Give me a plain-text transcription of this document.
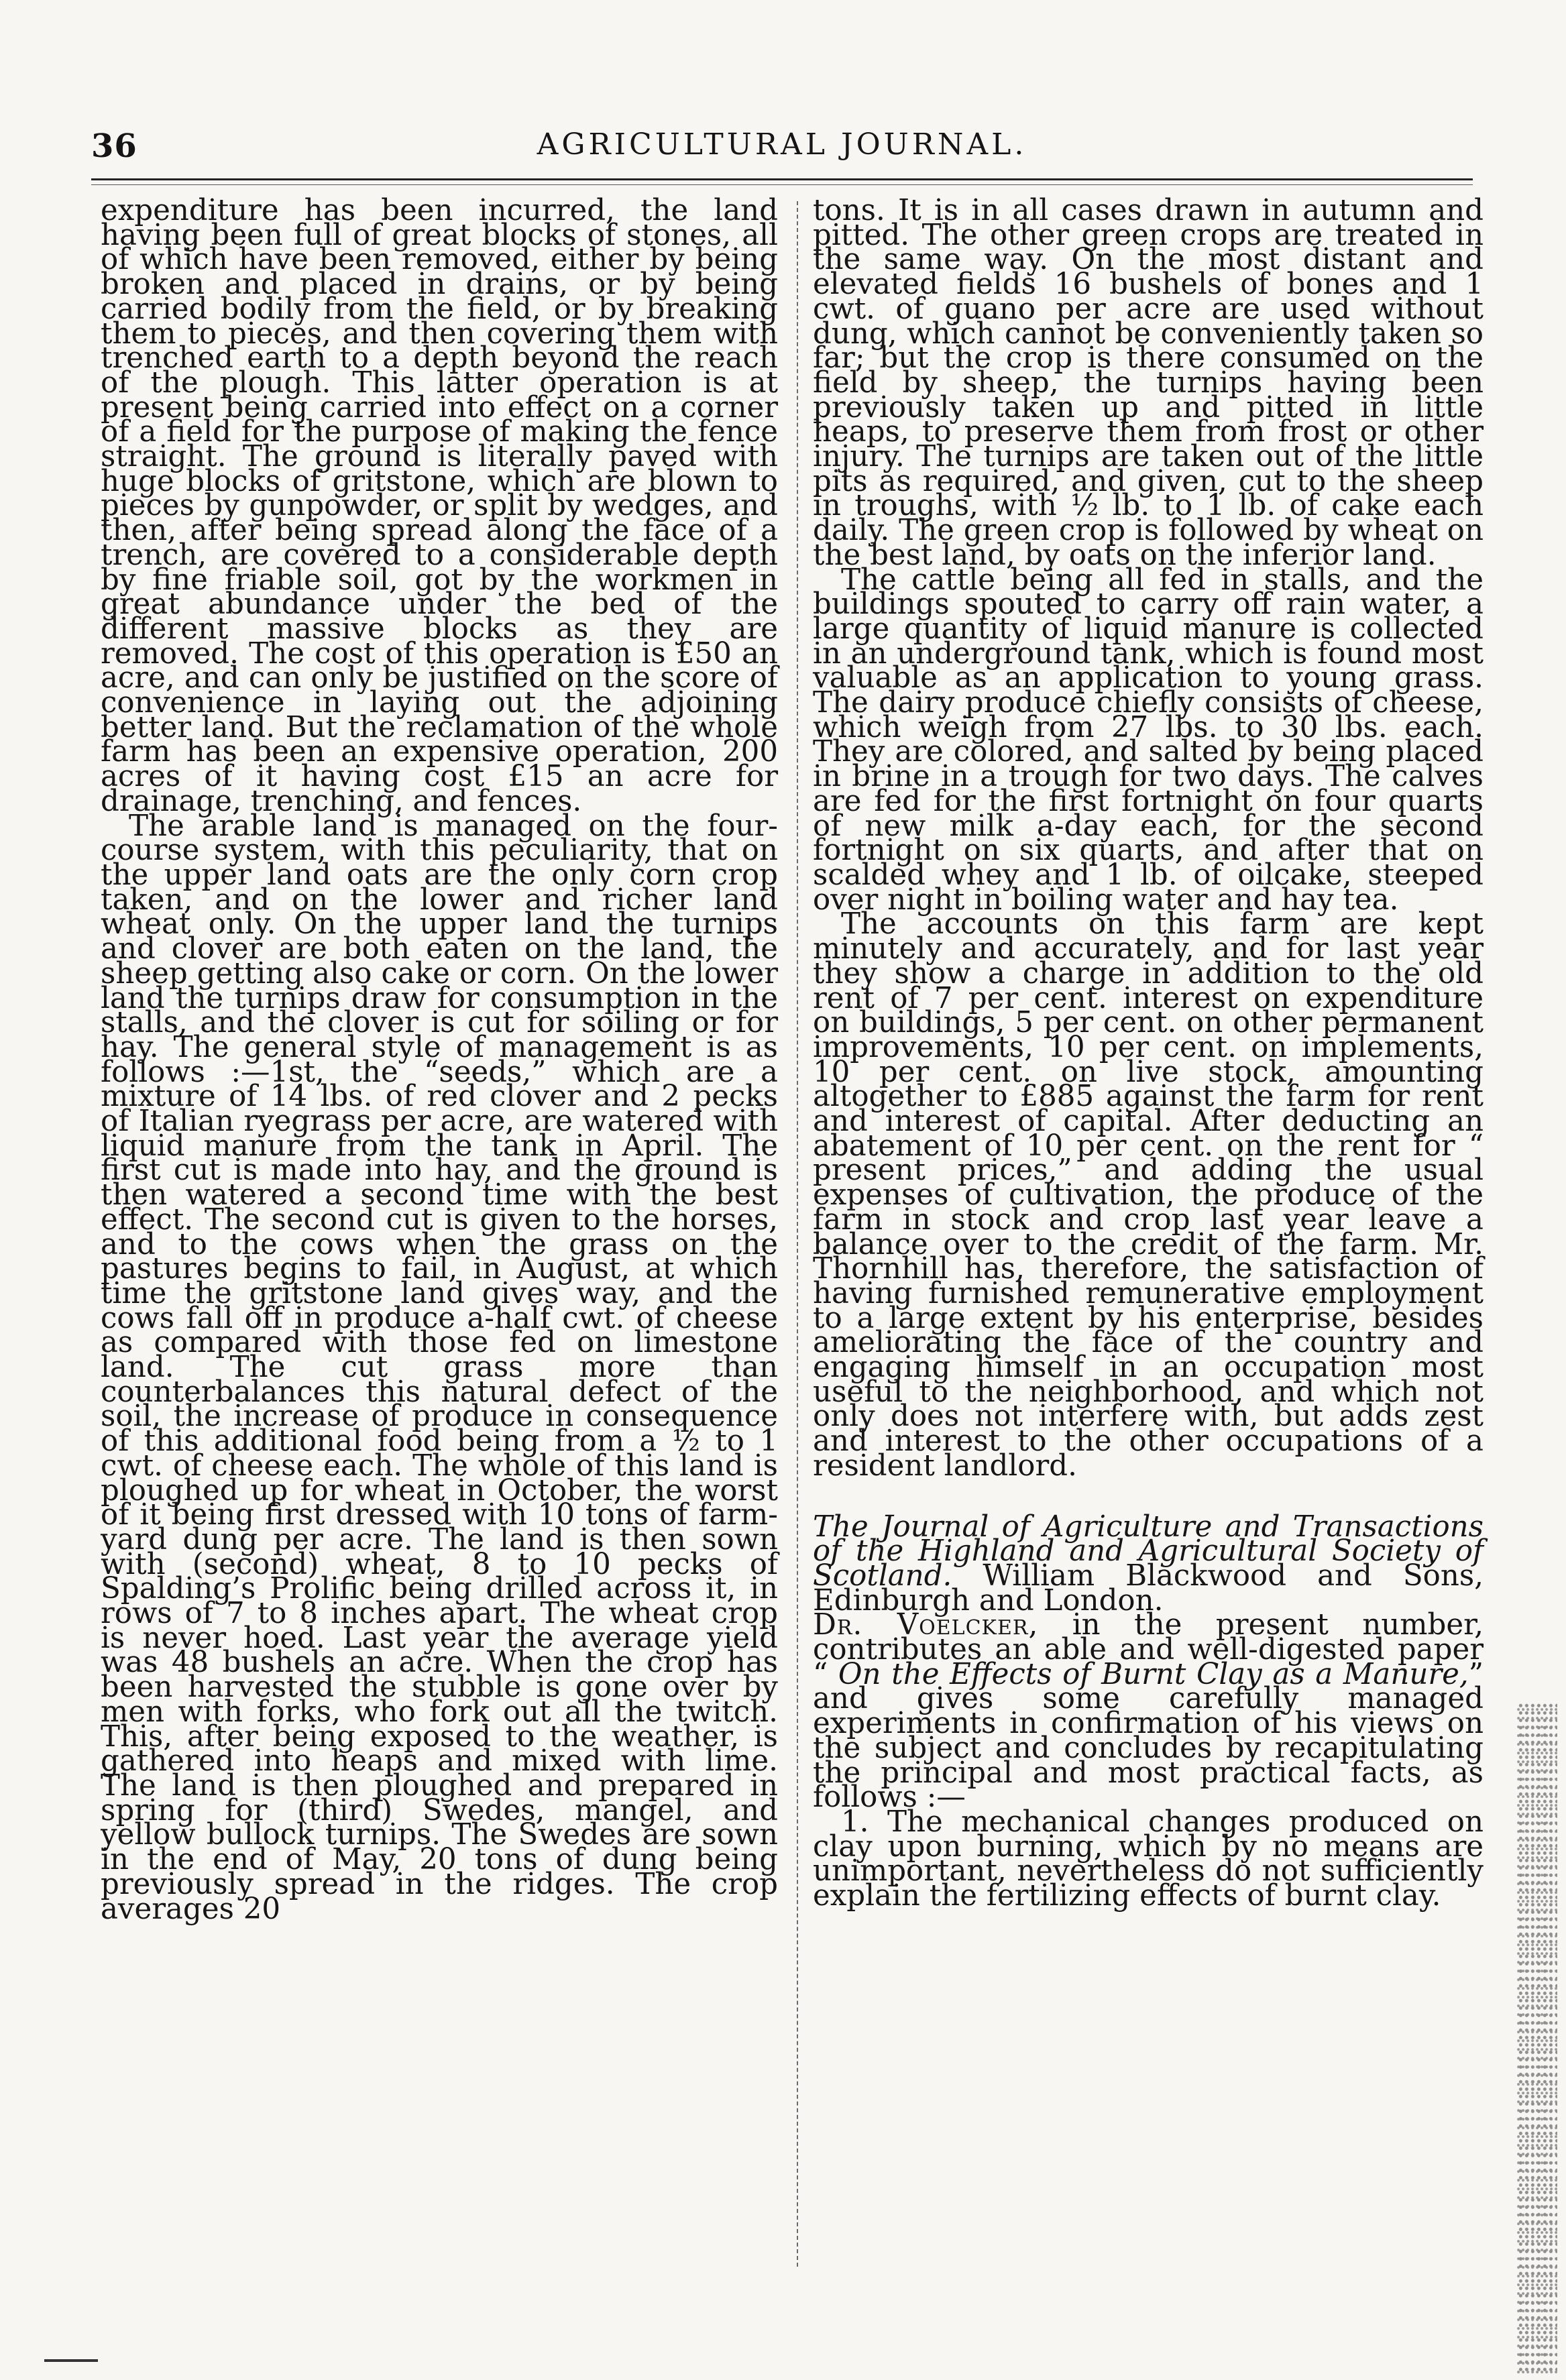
36	AGRICULTURAL JOURNAL.

expenditure has been incurred, the land having been full of great blocks of stones, all of which have been removed, either by being broken and placed in drains, or by being carried bodily from the field, or by breaking them to pieces, and then covering them with trenched earth to a depth beyond the reach of the plough. This latter operation is at present being carried into effect on a corner of a field for the purpose of making the fence straight. The ground is literally paved with huge blocks of gritstone, which are blown to pieces by gunpowder, or split by wedges, and then, after being spread along the face of a trench, are covered to a considerable depth by fine friable soil, got by the workmen in great abundance under the bed of the different massive blocks as they are removed. The cost of this operation is £50 an acre, and can only be justified on the score of convenience in laying out the adjoining better land. But the reclamation of the whole farm has been an expensive operation, 200 acres of it having cost £15 an acre for drainage, trenching, and fences.

The arable land is managed on the four-course system, with this peculiarity, that on the upper land oats are the only corn crop taken, and on the lower and richer land wheat only. On the upper land the turnips and clover are both eaten on the land, the sheep getting also cake or corn. On the lower land the turnips draw for consumption in the stalls, and the clover is cut for soiling or for hay. The general style of management is as follows :—1st, the “seeds,” which are a mixture of 14 lbs. of red clover and 2 pecks of Italian ryegrass per acre, are watered with liquid manure from the tank in April. The first cut is made into hay, and the ground is then watered a second time with the best effect. The second cut is given to the horses, and to the cows when the grass on the pastures begins to fail, in August, at which time the gritstone land gives way, and the cows fall off in produce a-half cwt. of cheese as compared with those fed on limestone land. The cut grass more than counterbalances this natural defect of the soil, the increase of produce in consequence of this additional food being from a ½ to 1 cwt. of cheese each. The whole of this land is ploughed up for wheat in October, the worst of it being first dressed with 10 tons of farm-yard dung per acre. The land is then sown with (second) wheat, 8 to 10 pecks of Spalding’s Prolific being drilled across it, in rows of 7 to 8 inches apart. The wheat crop is never hoed. Last year the average yield was 48 bushels an acre. When the crop has been harvested the stubble is gone over by men with forks, who fork out all the twitch. This, after being exposed to the weather, is gathered into heaps and mixed with lime. The land is then ploughed and prepared in spring for (third) Swedes, mangel, and yellow bullock turnips. The Swedes are sown in the end of May, 20 tons of dung being previously spread in the ridges. The crop averages 20

tons. It is in all cases drawn in autumn and pitted. The other green crops are treated in the same way. On the most distant and elevated fields 16 bushels of bones and 1 cwt. of guano per acre are used without dung, which cannot be conveniently taken so far; but the crop is there consumed on the field by sheep, the turnips having been previously taken up and pitted in little heaps, to preserve them from frost or other injury. The turnips are taken out of the little pits as required, and given, cut to the sheep in troughs, with ½ lb. to 1 lb. of cake each daily. The green crop is followed by wheat on the best land, by oats on the inferior land.

The cattle being all fed in stalls, and the buildings spouted to carry off rain water, a large quantity of liquid manure is collected in an underground tank, which is found most valuable as an application to young grass. The dairy produce chiefly consists of cheese, which weigh from 27 lbs. to 30 lbs. each. They are colored, and salted by being placed in brine in a trough for two days. The calves are fed for the first fortnight on four quarts of new milk a-day each, for the second fortnight on six quarts, and after that on scalded whey and 1 lb. of oilcake, steeped over night in boiling water and hay tea.

The accounts on this farm are kept minutely and accurately, and for last year they show a charge in addition to the old rent of 7 per cent. interest on expenditure on buildings, 5 per cent. on other permanent improvements, 10 per cent. on implements, 10 per cent. on live stock, amounting altogether to £885 against the farm for rent and interest of capital. After deducting an abatement of 10 per cent. on the rent for “ present prices,” and adding the usual expenses of cultivation, the produce of the farm in stock and crop last year leave a balance over to the credit of the farm. Mr. Thornhill has, therefore, the satisfaction of having furnished remunerative employment to a large extent by his enterprise, besides ameliorating the face of the country and engaging himself in an occupation most useful to the neighborhood, and which not only does not interfere with, but adds zest and interest to the other occupations of a resident landlord.

The Journal of Agriculture and Transactions of the Highland and Agricultural Society of Scotland. William Blackwood and Sons, Edinburgh and London.

Dr. Voelcker, in the present number, contributes an able and well-digested paper “ On the Effects of Burnt Clay as a Manure,” and gives some carefully managed experiments in confirmation of his views on the subject and concludes by recapitulating the principal and most practical facts, as follows :—

1. The mechanical changes produced on clay upon burning, which by no means are unimportant, nevertheless do not sufficiently explain the fertilizing effects of burnt clay.
